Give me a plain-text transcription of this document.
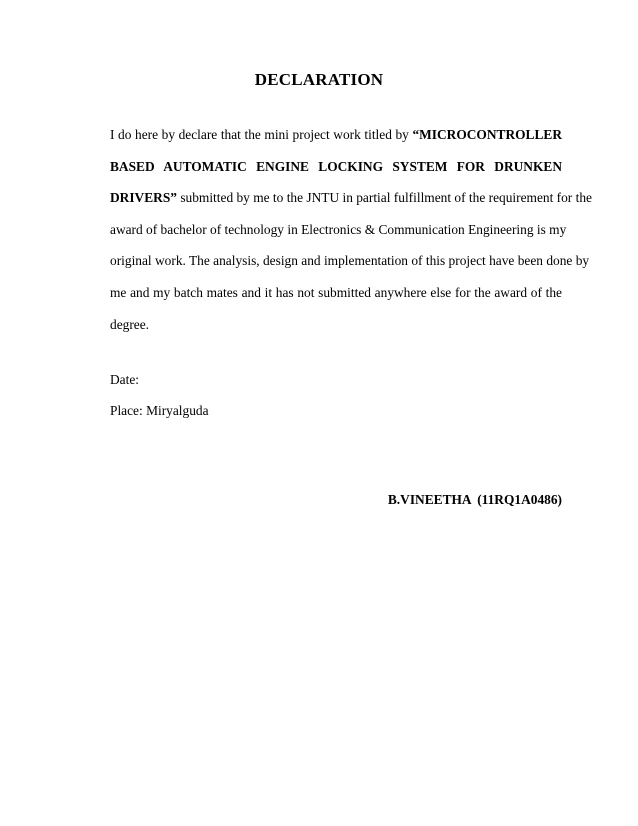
DECLARATION
I do here by declare that the mini project work titled by “MICROCONTROLLER
BASED AUTOMATIC ENGINE LOCKING SYSTEM FOR DRUNKEN
DRIVERS” submitted by me to the JNTU in partial fulfillment of the requirement for the
award of bachelor of technology in Electronics & Communication Engineering is my
original work. The analysis, design and implementation of this project have been done by
me and my batch mates and it has not submitted anywhere else for the award of the
degree.
Date:
Place: Miryalguda
B.VINEETHA (11RQ1A0486)
